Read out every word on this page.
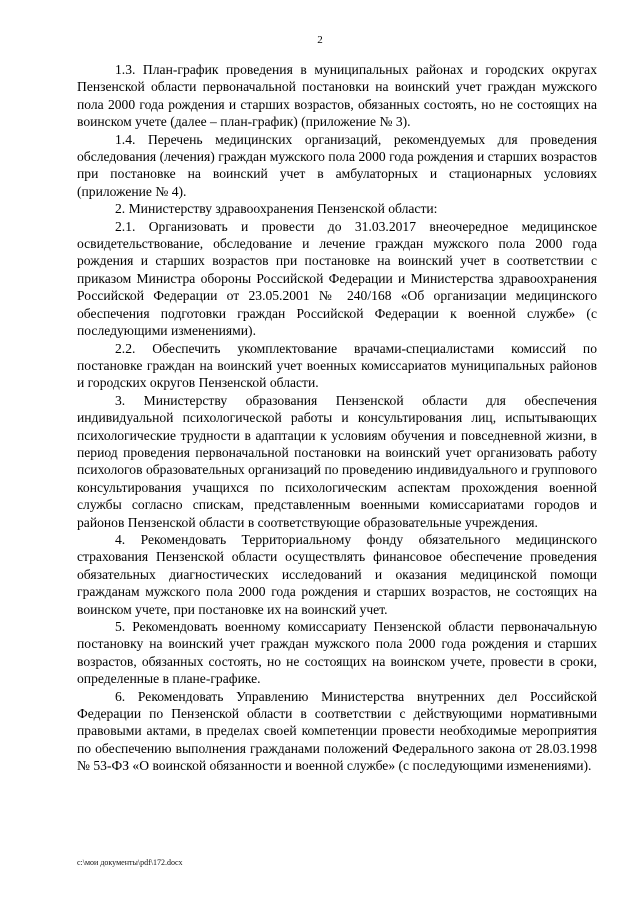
2

1.3. План-график проведения в муниципальных районах и городских округах Пензенской области первоначальной постановки на воинский учет граждан мужского пола 2000 года рождения и старших возрастов, обязанных состоять, но не состоящих на воинском учете (далее – план-график) (приложение № 3).

1.4. Перечень медицинских организаций, рекомендуемых для проведения обследования (лечения) граждан мужского пола 2000 года рождения и старших возрастов при постановке на воинский учет в амбулаторных и стационарных условиях (приложение № 4).

2. Министерству здравоохранения Пензенской области:

2.1. Организовать и провести до 31.03.2017 внеочередное медицинское освидетельствование, обследование и лечение граждан мужского пола 2000 года рождения и старших возрастов при постановке на воинский учет в соответствии с приказом Министра обороны Российской Федерации и Министерства здравоохранения Российской Федерации от 23.05.2001 № 240/168 «Об организации медицинского обеспечения подготовки граждан Российской Федерации к военной службе» (с последующими изменениями).

2.2. Обеспечить укомплектование врачами-специалистами комиссий по постановке граждан на воинский учет военных комиссариатов муниципальных районов и городских округов Пензенской области.

3. Министерству образования Пензенской области для обеспечения индивидуальной психологической работы и консультирования лиц, испытывающих психологические трудности в адаптации к условиям обучения и повседневной жизни, в период проведения первоначальной постановки на воинский учет организовать работу психологов образовательных организаций по проведению индивидуального и группового консультирования учащихся по психологическим аспектам прохождения военной службы согласно спискам, представленным военными комиссариатами городов и районов Пензенской области в соответствующие образовательные учреждения.

4. Рекомендовать Территориальному фонду обязательного медицинского страхования Пензенской области осуществлять финансовое обеспечение проведения обязательных диагностических исследований и оказания медицинской помощи гражданам мужского пола 2000 года рождения и старших возрастов, не состоящих на воинском учете, при постановке их на воинский учет.

5. Рекомендовать военному комиссариату Пензенской области первоначальную постановку на воинский учет граждан мужского пола 2000 года рождения и старших возрастов, обязанных состоять, но не состоящих на воинском учете, провести в сроки, определенные в плане-графике.

6. Рекомендовать Управлению Министерства внутренних дел Российской Федерации по Пензенской области в соответствии с действующими нормативными правовыми актами, в пределах своей компетенции провести необходимые мероприятия по обеспечению выполнения гражданами положений Федерального закона от 28.03.1998 № 53-ФЗ «О воинской обязанности и военной службе» (с последующими изменениями).

c:\мои документы\pdf\172.docx
